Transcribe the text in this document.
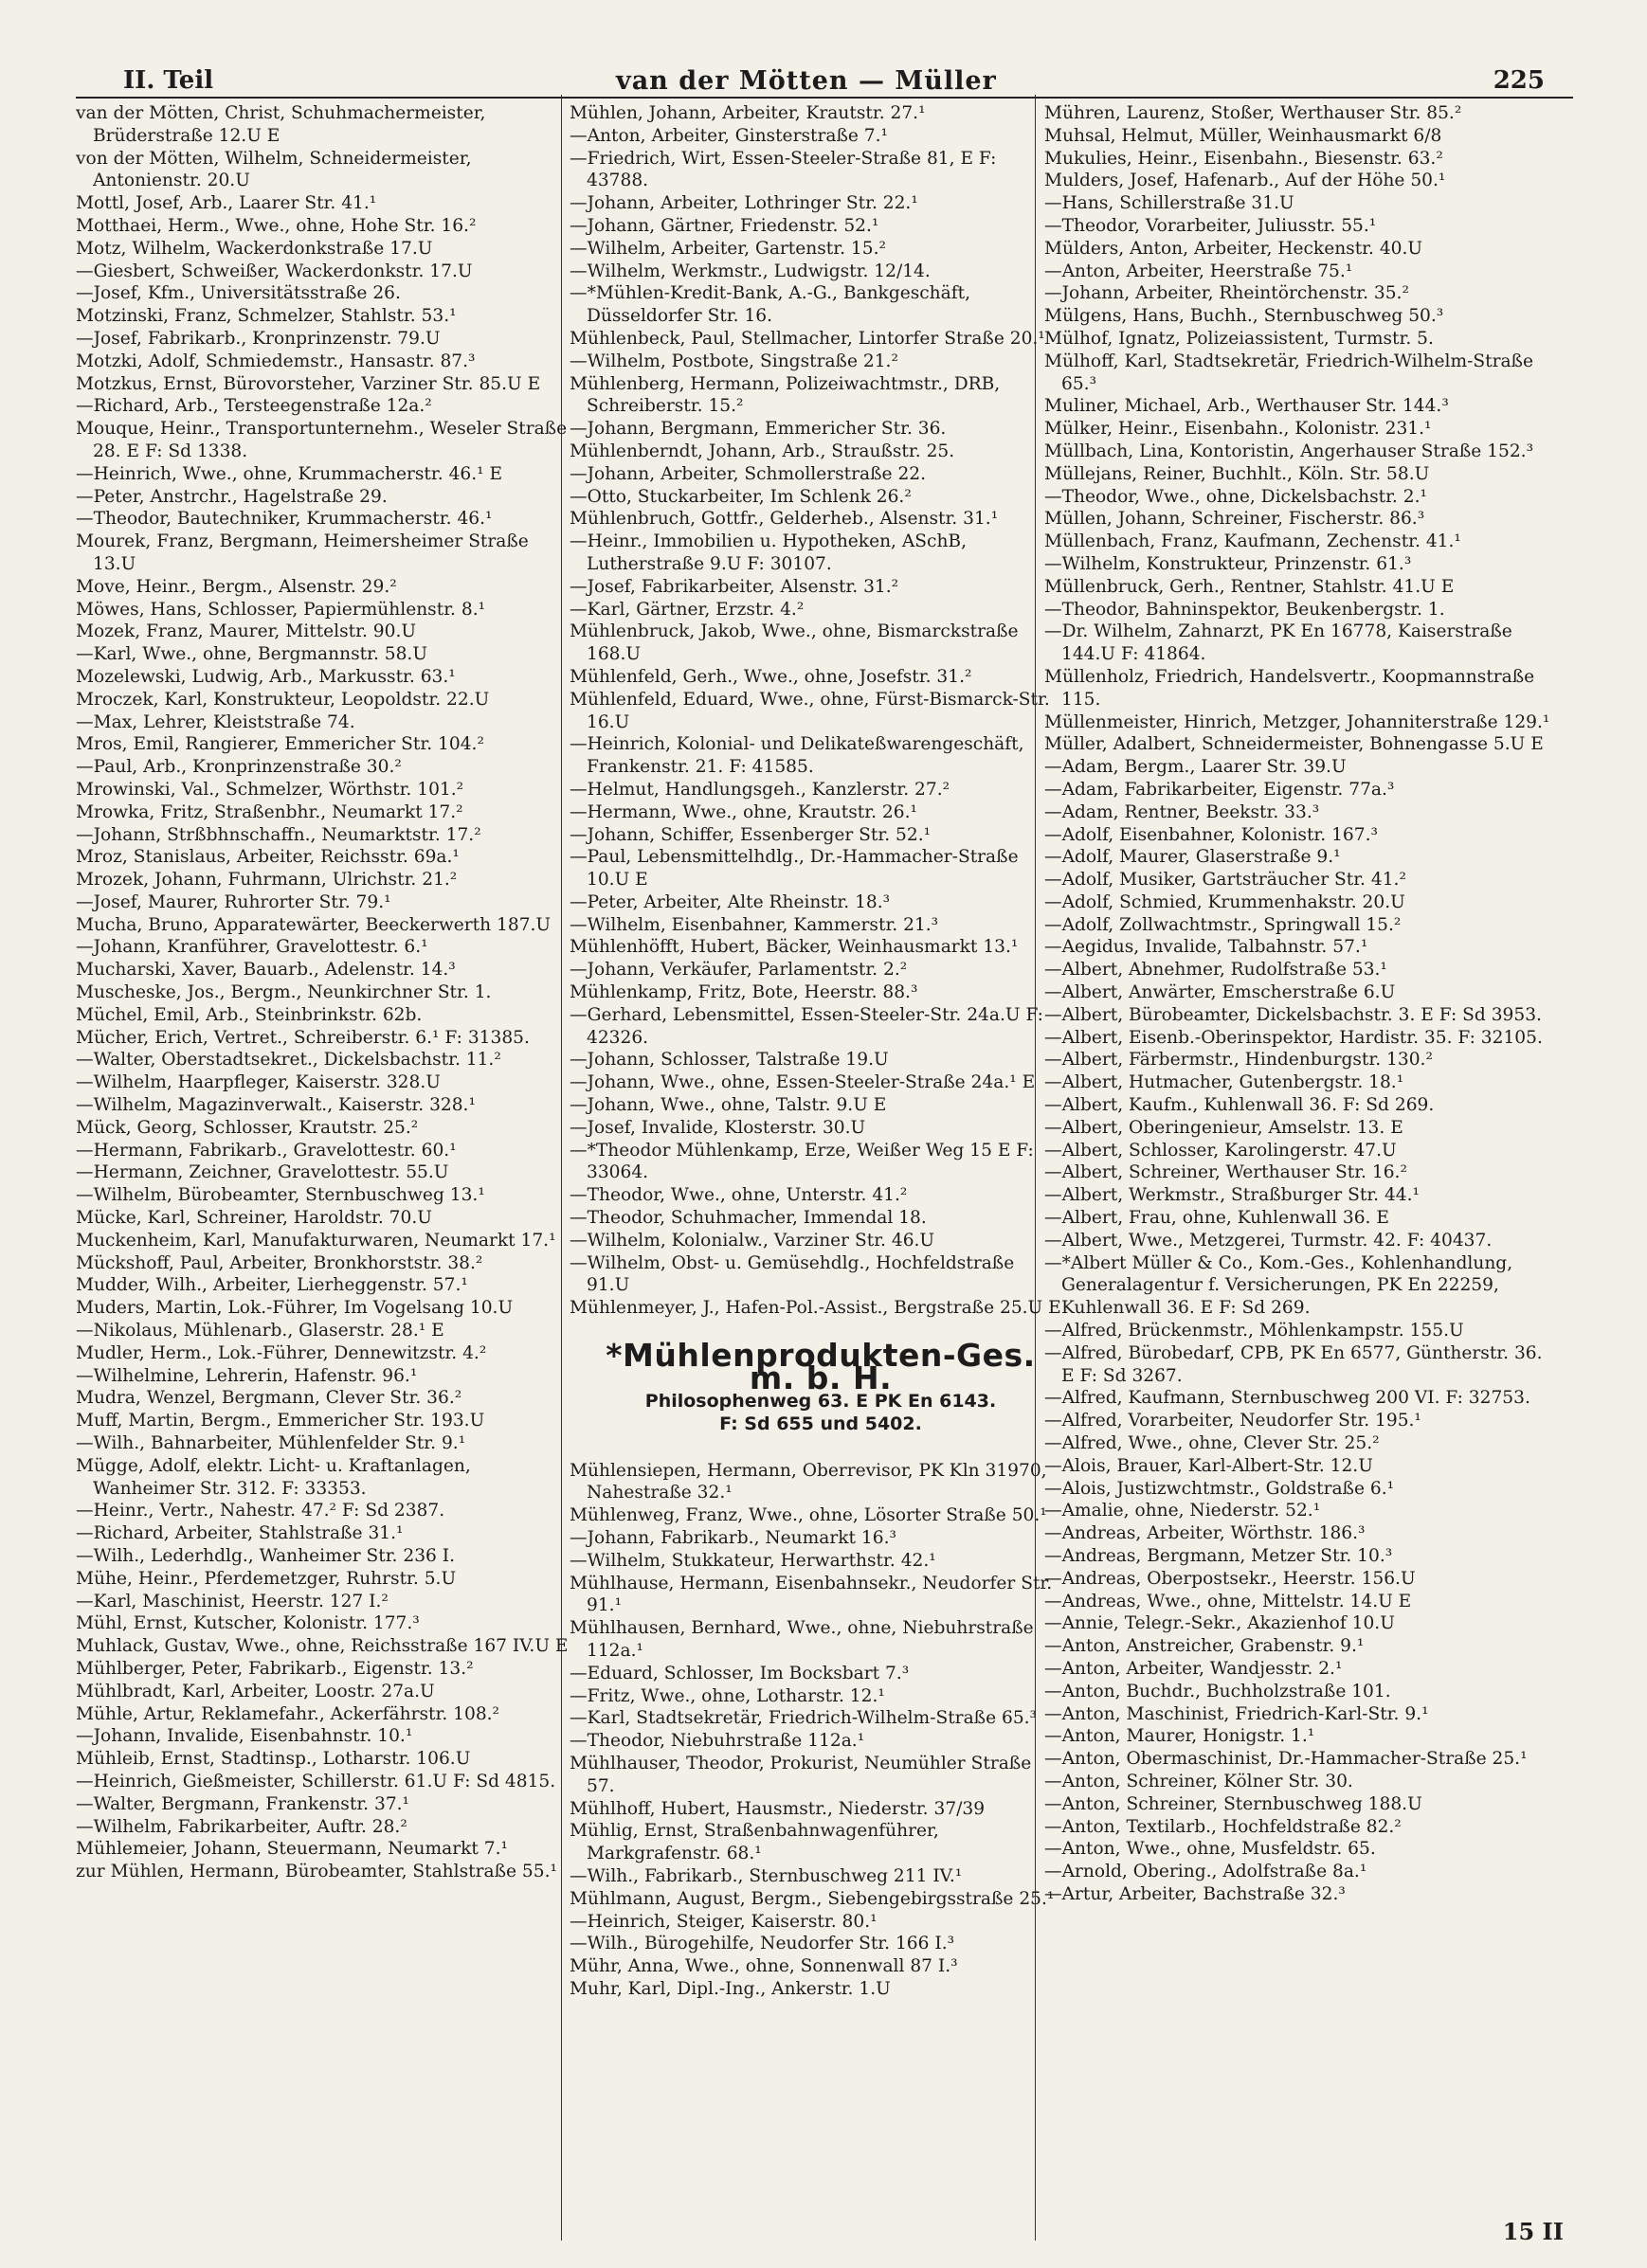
II. Teil	van der Mötten — Müller	225
van der Mötten, Christ, Schuhmachermeister, Brüderstraße 12.U E
von der Mötten, Wilhelm, Schneidermeister, Antonienstr. 20.U
Mottl, Josef, Arb., Laarer Str. 41.¹
Motthaei, Herm., Wwe., ohne, Hohe Str. 16.²
Motz, Wilhelm, Wackerdonkstraße 17.U
—Giesbert, Schweißer, Wackerdonkstr. 17.U
—Josef, Kfm., Universitätsstraße 26.
Motzinski, Franz, Schmelzer, Stahlstr. 53.¹
—Josef, Fabrikarb., Kronprinzenstr. 79.U
Motzki, Adolf, Schmiedemstr., Hansastr. 87.³
Motzkus, Ernst, Bürovorsteher, Varziner Str. 85.U E
—Richard, Arb., Tersteegenstraße 12a.²
Mouque, Heinr., Transportunternehm., Weseler Straße 28. E F: Sd 1338.
—Heinrich, Wwe., ohne, Krummacherstr. 46.¹ E
—Peter, Anstrchr., Hagelstraße 29.
—Theodor, Bautechniker, Krummacherstr. 46.¹
Mourek, Franz, Bergmann, Heimersheimer Straße 13.U
Move, Heinr., Bergm., Alsenstr. 29.²
Möwes, Hans, Schlosser, Papiermühlenstr. 8.¹
Mozek, Franz, Maurer, Mittelstr. 90.U
—Karl, Wwe., ohne, Bergmannstr. 58.U
Mozelewski, Ludwig, Arb., Markusstr. 63.¹
Mroczek, Karl, Konstrukteur, Leopoldstr. 22.U
—Max, Lehrer, Kleiststraße 74.
Mros, Emil, Rangierer, Emmericher Str. 104.²
—Paul, Arb., Kronprinzenstraße 30.²
Mrowinski, Val., Schmelzer, Wörthstr. 101.²
Mrowka, Fritz, Straßenbhr., Neumarkt 17.²
—Johann, Strßbhnschaffn., Neumarktstr. 17.²
Mroz, Stanislaus, Arbeiter, Reichsstr. 69a.¹
Mrozek, Johann, Fuhrmann, Ulrichstr. 21.²
—Josef, Maurer, Ruhrorter Str. 79.¹
Mucha, Bruno, Apparatewärter, Beeckerwerth 187.U
—Johann, Kranführer, Gravelottestr. 6.¹
Mucharski, Xaver, Bauarb., Adelenstr. 14.³
Muscheske, Jos., Bergm., Neunkirchner Str. 1.
Müchel, Emil, Arb., Steinbrinkstr. 62b.
Mücher, Erich, Vertret., Schreiberstr. 6.¹ F: 31385.
—Walter, Oberstadtsekret., Dickelsbachstr. 11.²
—Wilhelm, Haarpfleger, Kaiserstr. 328.U
—Wilhelm, Magazinverwalt., Kaiserstr. 328.¹
Mück, Georg, Schlosser, Krautstr. 25.²
—Hermann, Fabrikarb., Gravelottestr. 60.¹
—Hermann, Zeichner, Gravelottestr. 55.U
—Wilhelm, Bürobeamter, Sternbuschweg 13.¹
Mücke, Karl, Schreiner, Haroldstr. 70.U
Muckenheim, Karl, Manufakturwaren, Neumarkt 17.¹
Mückshoff, Paul, Arbeiter, Bronkhorststr. 38.²
Mudder, Wilh., Arbeiter, Lierheggenstr. 57.¹
Muders, Martin, Lok.-Führer, Im Vogelsang 10.U
—Nikolaus, Mühlenarb., Glaserstr. 28.¹ E
Mudler, Herm., Lok.-Führer, Dennewitzstr. 4.²
—Wilhelmine, Lehrerin, Hafenstr. 96.¹
Mudra, Wenzel, Bergmann, Clever Str. 36.²
Muff, Martin, Bergm., Emmericher Str. 193.U
—Wilh., Bahnarbeiter, Mühlenfelder Str. 9.¹
Mügge, Adolf, elektr. Licht- u. Kraftanlagen, Wanheimer Str. 312. F: 33353.
—Heinr., Vertr., Nahestr. 47.² F: Sd 2387.
—Richard, Arbeiter, Stahlstraße 31.¹
—Wilh., Lederhdlg., Wanheimer Str. 236 I.
Mühe, Heinr., Pferdemetzger, Ruhrstr. 5.U
—Karl, Maschinist, Heerstr. 127 I.²
Mühl, Ernst, Kutscher, Kolonistr. 177.³
Muhlack, Gustav, Wwe., ohne, Reichsstraße 167 IV.U E
Mühlberger, Peter, Fabrikarb., Eigenstr. 13.²
Mühlbradt, Karl, Arbeiter, Loostr. 27a.U
Mühle, Artur, Reklamefahr., Ackerfährstr. 108.²
—Johann, Invalide, Eisenbahnstr. 10.¹
Mühleib, Ernst, Stadtinsp., Lotharstr. 106.U
—Heinrich, Gießmeister, Schillerstr. 61.U F: Sd 4815.
—Walter, Bergmann, Frankenstr. 37.¹
—Wilhelm, Fabrikarbeiter, Auftr. 28.²
Mühlemeier, Johann, Steuermann, Neumarkt 7.¹
zur Mühlen, Hermann, Bürobeamter, Stahlstraße 55.¹
Mühlen, Johann, Arbeiter, Krautstr. 27.¹
—Anton, Arbeiter, Ginsterstraße 7.¹
—Friedrich, Wirt, Essen-Steeler-Straße 81, E F: 43788.
—Johann, Arbeiter, Lothringer Str. 22.¹
—Johann, Gärtner, Friedenstr. 52.¹
—Wilhelm, Arbeiter, Gartenstr. 15.²
—Wilhelm, Werkmstr., Ludwigstr. 12/14.
—*Mühlen-Kredit-Bank, A.-G., Bankgeschäft, Düsseldorfer Str. 16.
Mühlenbeck, Paul, Stellmacher, Lintorfer Straße 20.¹
—Wilhelm, Postbote, Singstraße 21.²
Mühlenberg, Hermann, Polizeiwachtmstr., DRB, Schreiberstr. 15.²
—Johann, Bergmann, Emmericher Str. 36.
Mühlenberndt, Johann, Arb., Straußstr. 25.
—Johann, Arbeiter, Schmollerstraße 22.
—Otto, Stuckarbeiter, Im Schlenk 26.²
Mühlenbruch, Gottfr., Gelderheb., Alsenstr. 31.¹
—Heinr., Immobilien u. Hypotheken, ASchB, Lutherstraße 9.U F: 30107.
—Josef, Fabrikarbeiter, Alsenstr. 31.²
—Karl, Gärtner, Erzstr. 4.²
Mühlenbruck, Jakob, Wwe., ohne, Bismarckstraße 168.U
Mühlenfeld, Gerh., Wwe., ohne, Josefstr. 31.²
Mühlenfeld, Eduard, Wwe., ohne, Fürst-Bismarck-Str. 16.U
—Heinrich, Kolonial- und Delikateßwarengeschäft, Frankenstr. 21. F: 41585.
—Helmut, Handlungsgeh., Kanzlerstr. 27.²
—Hermann, Wwe., ohne, Krautstr. 26.¹
—Johann, Schiffer, Essenberger Str. 52.¹
—Paul, Lebensmittelhdlg., Dr.-Hammacher-Straße 10.U E
—Peter, Arbeiter, Alte Rheinstr. 18.³
—Wilhelm, Eisenbahner, Kammerstr. 21.³
Mühlenhöfft, Hubert, Bäcker, Weinhausmarkt 13.¹
—Johann, Verkäufer, Parlamentstr. 2.²
Mühlenkamp, Fritz, Bote, Heerstr. 88.³
—Gerhard, Lebensmittel, Essen-Steeler-Str. 24a.U F: 42326.
—Johann, Schlosser, Talstraße 19.U
—Johann, Wwe., ohne, Essen-Steeler-Straße 24a.¹ E
—Johann, Wwe., ohne, Talstr. 9.U E
—Josef, Invalide, Klosterstr. 30.U
—*Theodor Mühlenkamp, Erze, Weißer Weg 15 E F: 33064.
—Theodor, Wwe., ohne, Unterstr. 41.²
—Theodor, Schuhmacher, Immendal 18.
—Wilhelm, Kolonialw., Varziner Str. 46.U
—Wilhelm, Obst- u. Gemüsehdlg., Hochfeldstraße 91.U
Mühlenmeyer, J., Hafen-Pol.-Assist., Bergstraße 25.U E
*Mühlenprodukten-Ges. m. b. H.
Philosophenweg 63. E PK En 6143.
F: Sd 655 und 5402.
Mühlensiepen, Hermann, Oberrevisor, PK Kln 31970, Nahestraße 32.¹
Mühlenweg, Franz, Wwe., ohne, Lösorter Straße 50.¹
—Johann, Fabrikarb., Neumarkt 16.³
—Wilhelm, Stukkateur, Herwarthstr. 42.¹
Mühlhause, Hermann, Eisenbahnsekr., Neudorfer Str. 91.¹
Mühlhausen, Bernhard, Wwe., ohne, Niebuhrstraße 112a.¹
—Eduard, Schlosser, Im Bocksbart 7.³
—Fritz, Wwe., ohne, Lotharstr. 12.¹
—Karl, Stadtsekretär, Friedrich-Wilhelm-Straße 65.³
—Theodor, Niebuhrstraße 112a.¹
Mühlhauser, Theodor, Prokurist, Neumühler Straße 57.
Mühlhoff, Hubert, Hausmstr., Niederstr. 37/39
Mühlig, Ernst, Straßenbahnwagenführer, Markgrafenstr. 68.¹
—Wilh., Fabrikarb., Sternbuschweg 211 IV.¹
Mühlmann, August, Bergm., Siebengebirgsstraße 25.¹
—Heinrich, Steiger, Kaiserstr. 80.¹
—Wilh., Bürogehilfe, Neudorfer Str. 166 I.³
Mühr, Anna, Wwe., ohne, Sonnenwall 87 I.³
Muhr, Karl, Dipl.-Ing., Ankerstr. 1.U
Mühren, Laurenz, Stoßer, Werthauser Str. 85.²
Muhsal, Helmut, Müller, Weinhausmarkt 6/8
Mukulies, Heinr., Eisenbahn., Biesenstr. 63.²
Mulders, Josef, Hafenarb., Auf der Höhe 50.¹
—Hans, Schillerstraße 31.U
—Theodor, Vorarbeiter, Juliusstr. 55.¹
Mülders, Anton, Arbeiter, Heckenstr. 40.U
—Anton, Arbeiter, Heerstraße 75.¹
—Johann, Arbeiter, Rheintörchenstr. 35.²
Mülgens, Hans, Buchh., Sternbuschweg 50.³
Mülhof, Ignatz, Polizeiassistent, Turmstr. 5.
Mülhoff, Karl, Stadtsekretär, Friedrich-Wilhelm-Straße 65.³
Muliner, Michael, Arb., Werthauser Str. 144.³
Mülker, Heinr., Eisenbahn., Kolonistr. 231.¹
Müllbach, Lina, Kontoristin, Angerhauser Straße 152.³
Müllejans, Reiner, Buchhlt., Köln. Str. 58.U
—Theodor, Wwe., ohne, Dickelsbachstr. 2.¹
Müllen, Johann, Schreiner, Fischerstr. 86.³
Müllenbach, Franz, Kaufmann, Zechenstr. 41.¹
—Wilhelm, Konstrukteur, Prinzenstr. 61.³
Müllenbruck, Gerh., Rentner, Stahlstr. 41.U E
—Theodor, Bahninspektor, Beukenbergstr. 1.
—Dr. Wilhelm, Zahnarzt, PK En 16778, Kaiserstraße 144.U F: 41864.
Müllenholz, Friedrich, Handelsvertr., Koopmannstraße 115.
Müllenmeister, Hinrich, Metzger, Johanniterstraße 129.¹
Müller, Adalbert, Schneidermeister, Bohnengasse 5.U E
—Adam, Bergm., Laarer Str. 39.U
—Adam, Fabrikarbeiter, Eigenstr. 77a.³
—Adam, Rentner, Beekstr. 33.³
—Adolf, Eisenbahner, Kolonistr. 167.³
—Adolf, Maurer, Glaserstraße 9.¹
—Adolf, Musiker, Gartsträucher Str. 41.²
—Adolf, Schmied, Krummenhakstr. 20.U
—Adolf, Zollwachtmstr., Springwall 15.²
—Aegidus, Invalide, Talbahnstr. 57.¹
—Albert, Abnehmer, Rudolfstraße 53.¹
—Albert, Anwärter, Emscherstraße 6.U
—Albert, Bürobeamter, Dickelsbachstr. 3. E F: Sd 3953.
—Albert, Eisenb.-Oberinspektor, Hardistr. 35. F: 32105.
—Albert, Färbermstr., Hindenburgstr. 130.²
—Albert, Hutmacher, Gutenbergstr. 18.¹
—Albert, Kaufm., Kuhlenwall 36. F: Sd 269.
—Albert, Oberingenieur, Amselstr. 13. E
—Albert, Schlosser, Karolingerstr. 47.U
—Albert, Schreiner, Werthauser Str. 16.²
—Albert, Werkmstr., Straßburger Str. 44.¹
—Albert, Frau, ohne, Kuhlenwall 36. E
—Albert, Wwe., Metzgerei, Turmstr. 42. F: 40437.
—*Albert Müller & Co., Kom.-Ges., Kohlenhandlung, Generalagentur f. Versicherungen, PK En 22259, Kuhlenwall 36. E F: Sd 269.
—Alfred, Brückenmstr., Möhlenkampstr. 155.U
—Alfred, Bürobedarf, CPB, PK En 6577, Güntherstr. 36. E F: Sd 3267.
—Alfred, Kaufmann, Sternbuschweg 200 VI. F: 32753.
—Alfred, Vorarbeiter, Neudorfer Str. 195.¹
—Alfred, Wwe., ohne, Clever Str. 25.²
—Alois, Brauer, Karl-Albert-Str. 12.U
—Alois, Justizwchtmstr., Goldstraße 6.¹
—Amalie, ohne, Niederstr. 52.¹
—Andreas, Arbeiter, Wörthstr. 186.³
—Andreas, Bergmann, Metzer Str. 10.³
—Andreas, Oberpostsekr., Heerstr. 156.U
—Andreas, Wwe., ohne, Mittelstr. 14.U E
—Annie, Telegr.-Sekr., Akazienhof 10.U
—Anton, Anstreicher, Grabenstr. 9.¹
—Anton, Arbeiter, Wandjesstr. 2.¹
—Anton, Buchdr., Buchholzstraße 101.
—Anton, Maschinist, Friedrich-Karl-Str. 9.¹
—Anton, Maurer, Honigstr. 1.¹
—Anton, Obermaschinist, Dr.-Hammacher-Straße 25.¹
—Anton, Schreiner, Kölner Str. 30.
—Anton, Schreiner, Sternbuschweg 188.U
—Anton, Textilarb., Hochfeldstraße 82.²
—Anton, Wwe., ohne, Musfeldstr. 65.
—Arnold, Obering., Adolfstraße 8a.¹
—Artur, Arbeiter, Bachstraße 32.³
15 II
